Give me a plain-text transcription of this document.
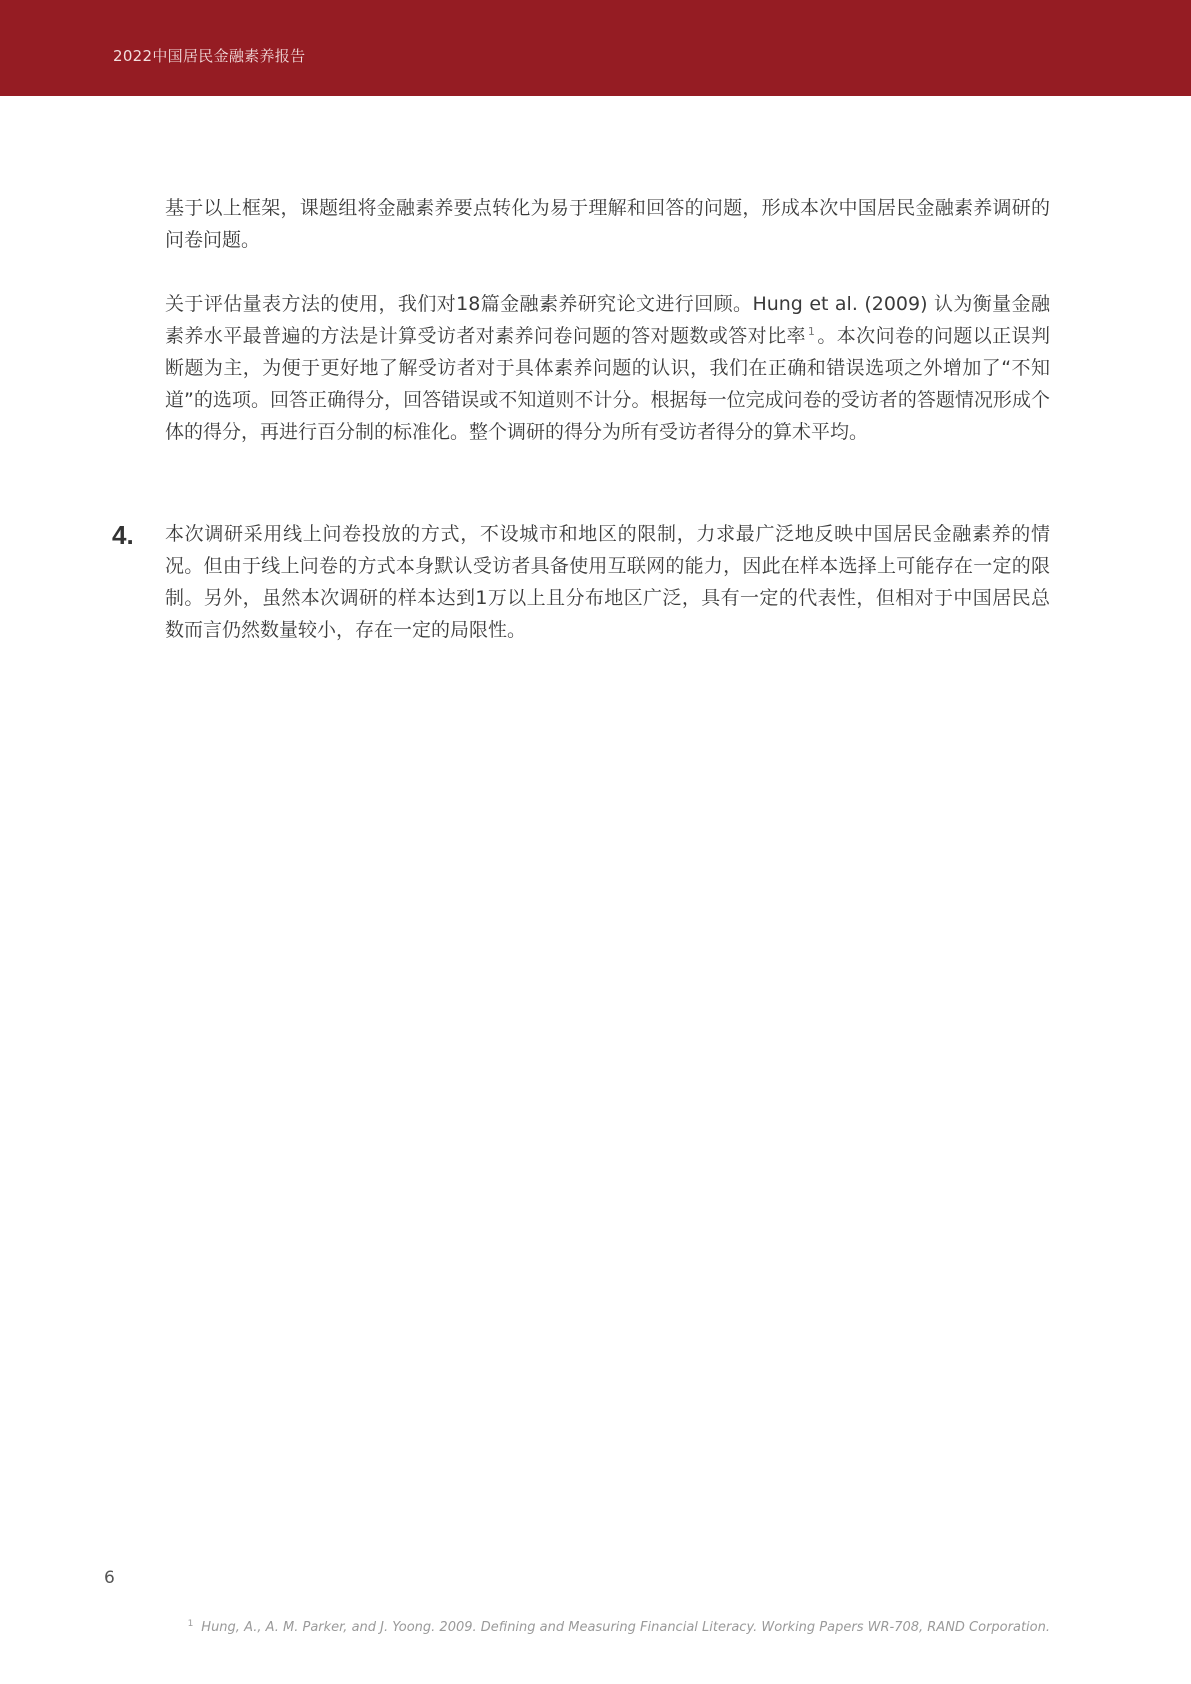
2022中国居民金融素养报告

基于以上框架，课题组将金融素养要点转化为易于理解和回答的问题，形成本次中国居民金融素养调研的问卷问题。

关于评估量表方法的使用，我们对18篇金融素养研究论文进行回顾。Hung et al. (2009) 认为衡量金融素养水平最普遍的方法是计算受访者对素养问卷问题的答对题数或答对比率 $^1$ 。本次问卷的问题以正误判断题为主，为便于更好地了解受访者对于具体素养问题的认识，我们在正确和错误选项之外增加了“不知道”的选项。回答正确得分，回答错误或不知道则不计分。根据每一位完成问卷的受访者的答题情况形成个体的得分，再进行百分制的标准化。整个调研的得分为所有受访者得分的算术平均。

4. 本次调研采用线上问卷投放的方式，不设城市和地区的限制，力求最广泛地反映中国居民金融素养的情况。但由于线上问卷的方式本身默认受访者具备使用互联网的能力，因此在样本选择上可能存在一定的限制。另外，虽然本次调研的样本达到1万以上且分布地区广泛，具有一定的代表性，但相对于中国居民总数而言仍然数量较小，存在一定的局限性。

6
$^1$ Hung, A., A. M. Parker, and J. Yoong. 2009. Defining and Measuring Financial Literacy. Working Papers WR-708, RAND Corporation.
